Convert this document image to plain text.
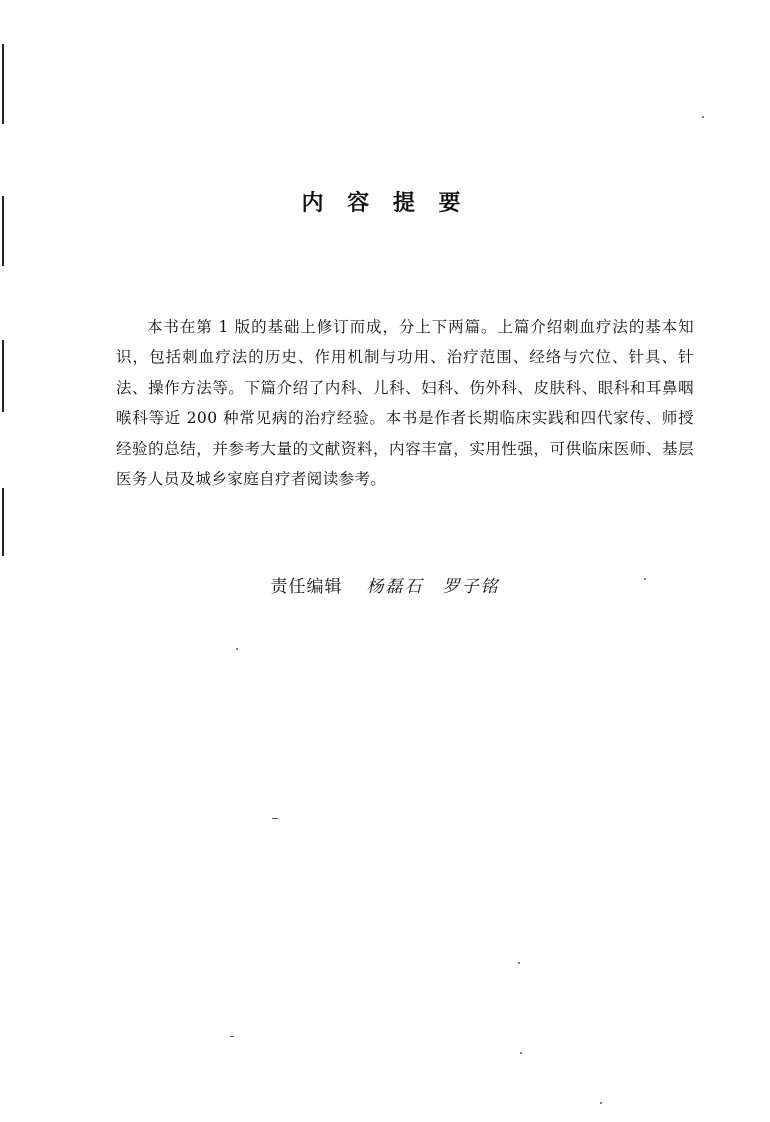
内 容 提 要

本书在第 1 版的基础上修订而成，分上下两篇。上篇介绍刺血疗法的基本知识，包括刺血疗法的历史、作用机制与功用、治疗范围、经络与穴位、针具、针法、操作方法等。下篇介绍了内科、儿科、妇科、伤外科、皮肤科、眼科和耳鼻咽喉科等近 200 种常见病的治疗经验。本书是作者长期临床实践和四代家传、师授经验的总结，并参考大量的文献资料，内容丰富，实用性强，可供临床医师、基层医务人员及城乡家庭自疗者阅读参考。

责任编辑 杨磊石　罗子铭
